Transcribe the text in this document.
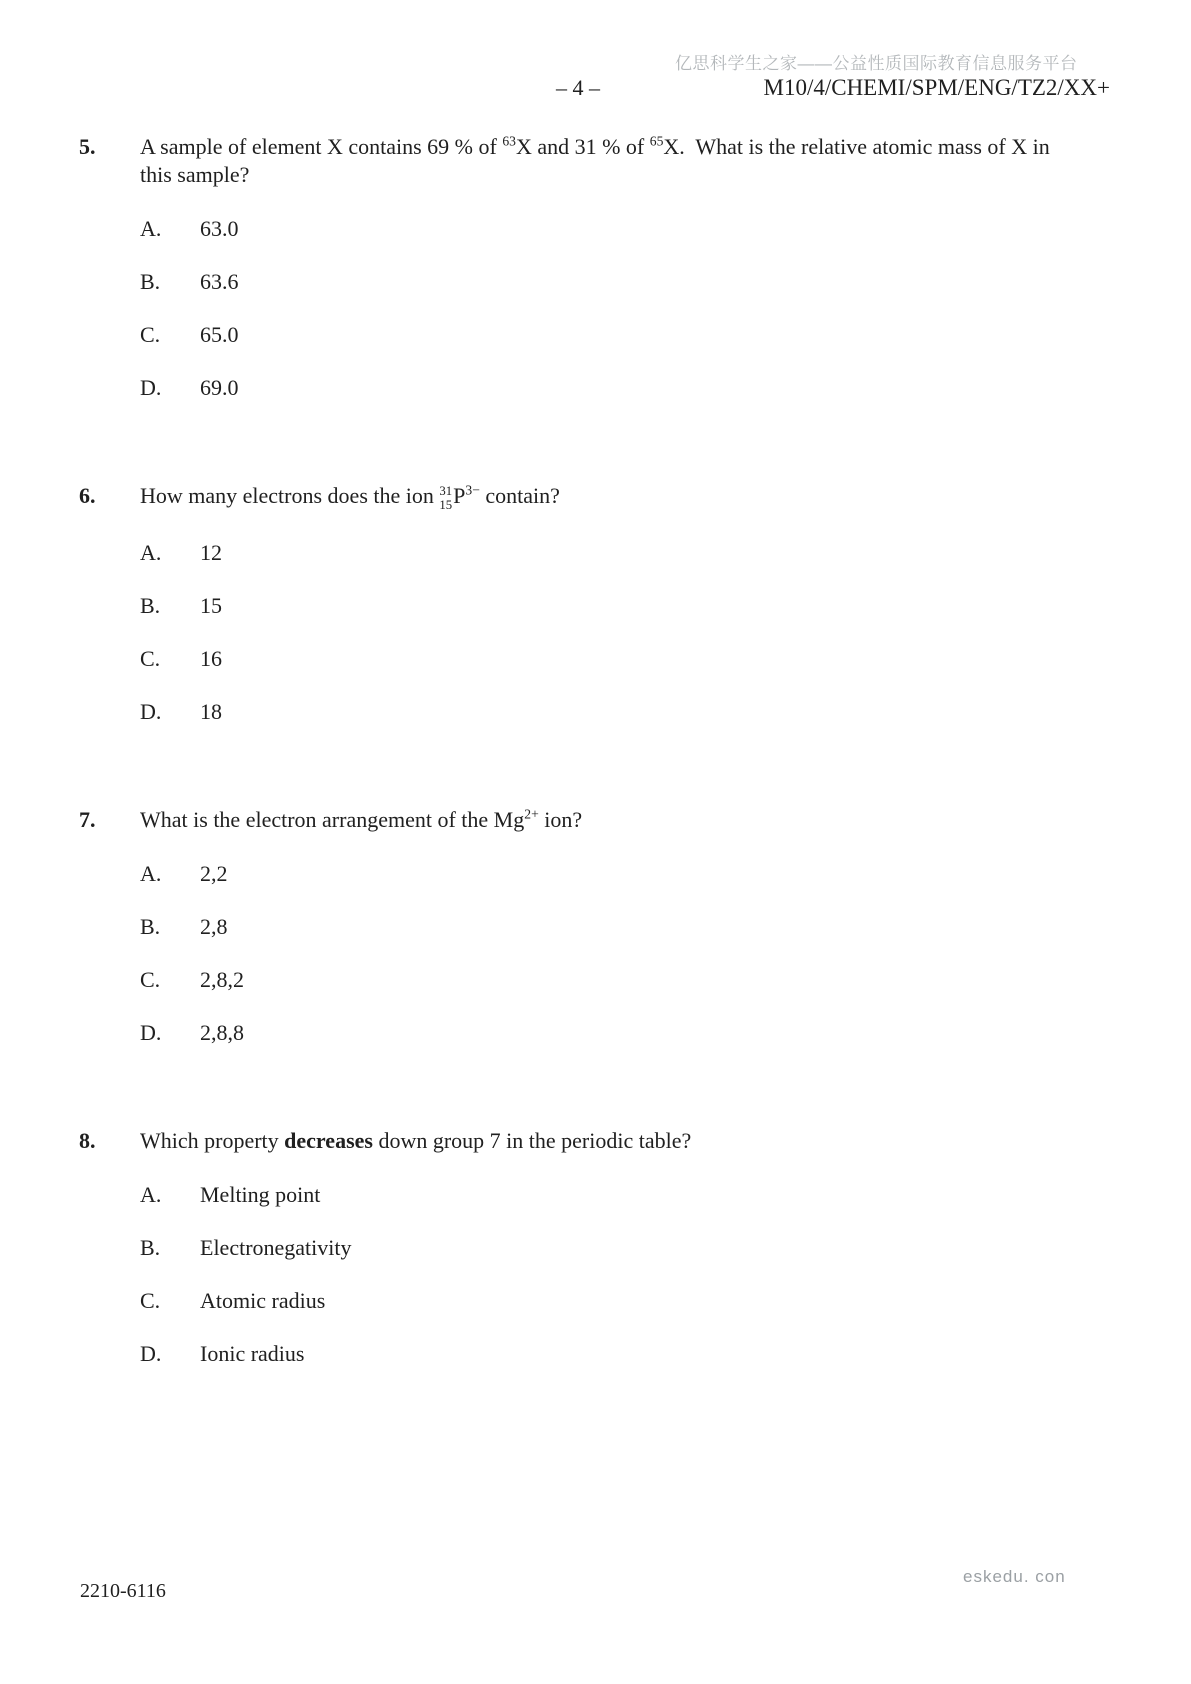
亿思科学生之家——公益性质国际教育信息服务平台
– 4 –	M10/4/CHEMI/SPM/ENG/TZ2/XX+
5.	A sample of element X contains 69 % of $^{63}$X and 31 % of $^{65}$X.  What is the relative atomic mass of X in this sample?

A.	63.0
B.	63.6
C.	65.0
D.	69.0
6.	How many electrons does the ion 31
15 $P^{3-}$ contain?

A.	12
B.	15
C.	16
D.	18
7.	What is the electron arrangement of the $Mg^{2+}$ ion?

A.	2,2
B.	2,8
C.	2,8,2
D.	2,8,8
8.	Which property decreases down group 7 in the periodic table?

A.	Melting point
B.	Electronegativity
C.	Atomic radius
D.	Ionic radius
2210-6116
eskedu. con
